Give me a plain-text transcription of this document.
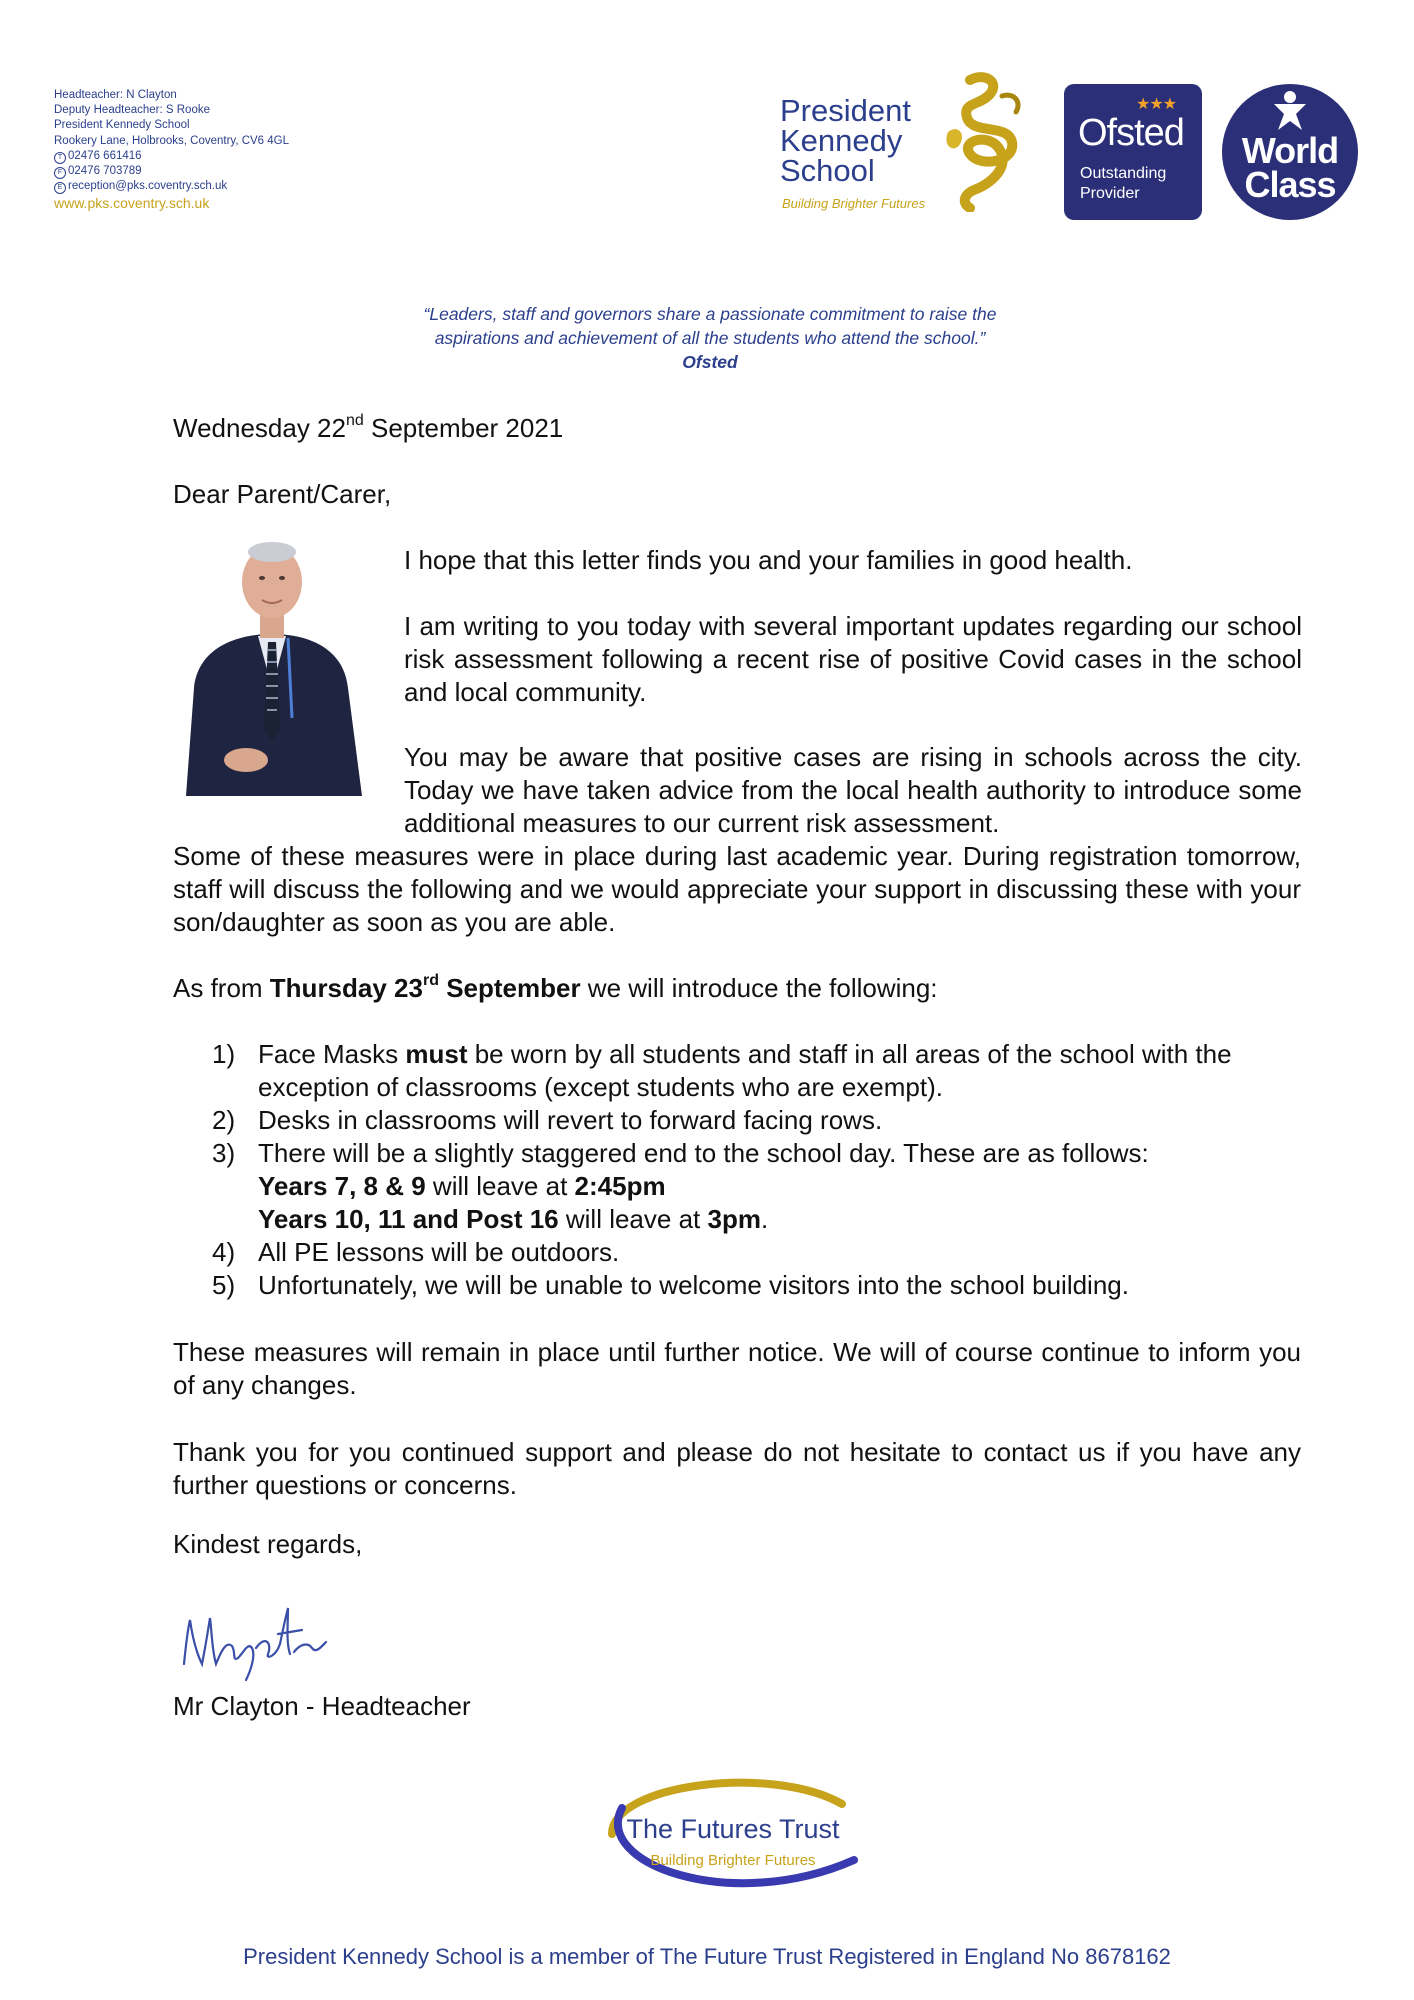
Headteacher: N Clayton
Deputy Headteacher: S Rooke
President Kennedy School
Rookery Lane, Holbrooks, Coventry, CV6 4GL
T 02476 661416
F 02476 703789
E reception@pks.coventry.sch.uk
www.pks.coventry.sch.uk
President
Kennedy
School
Building Brighter Futures
★★★
Ofsted
Outstanding
Provider
World
Class
“Leaders, staff and governors share a passionate commitment to raise the
aspirations and achievement of all the students who attend the school.”
Ofsted
Wednesday 22nd September 2021
Dear Parent/Carer,
I hope that this letter finds you and your families in good health.
I am writing to you today with several important updates regarding our school risk assessment following a recent rise of positive Covid cases in the school and local community.
You may be aware that positive cases are rising in schools across the city. Today we have taken advice from the local health authority to introduce some additional measures to our current risk assessment.
Some of these measures were in place during last academic year. During registration tomorrow, staff will discuss the following and we would appreciate your support in discussing these with your son/daughter as soon as you are able.
As from Thursday 23rd September we will introduce the following:
1) Face Masks must be worn by all students and staff in all areas of the school with the exception of classrooms (except students who are exempt).
2) Desks in classrooms will revert to forward facing rows.
3) There will be a slightly staggered end to the school day. These are as follows:
Years 7, 8 & 9 will leave at 2:45pm
Years 10, 11 and Post 16 will leave at 3pm.
4) All PE lessons will be outdoors.
5) Unfortunately, we will be unable to welcome visitors into the school building.
These measures will remain in place until further notice. We will of course continue to inform you of any changes.
Thank you for you continued support and please do not hesitate to contact us if you have any further questions or concerns.
Kindest regards,
Mr Clayton - Headteacher
The Futures Trust
Building Brighter Futures
President Kennedy School is a member of The Future Trust Registered in England No 8678162
